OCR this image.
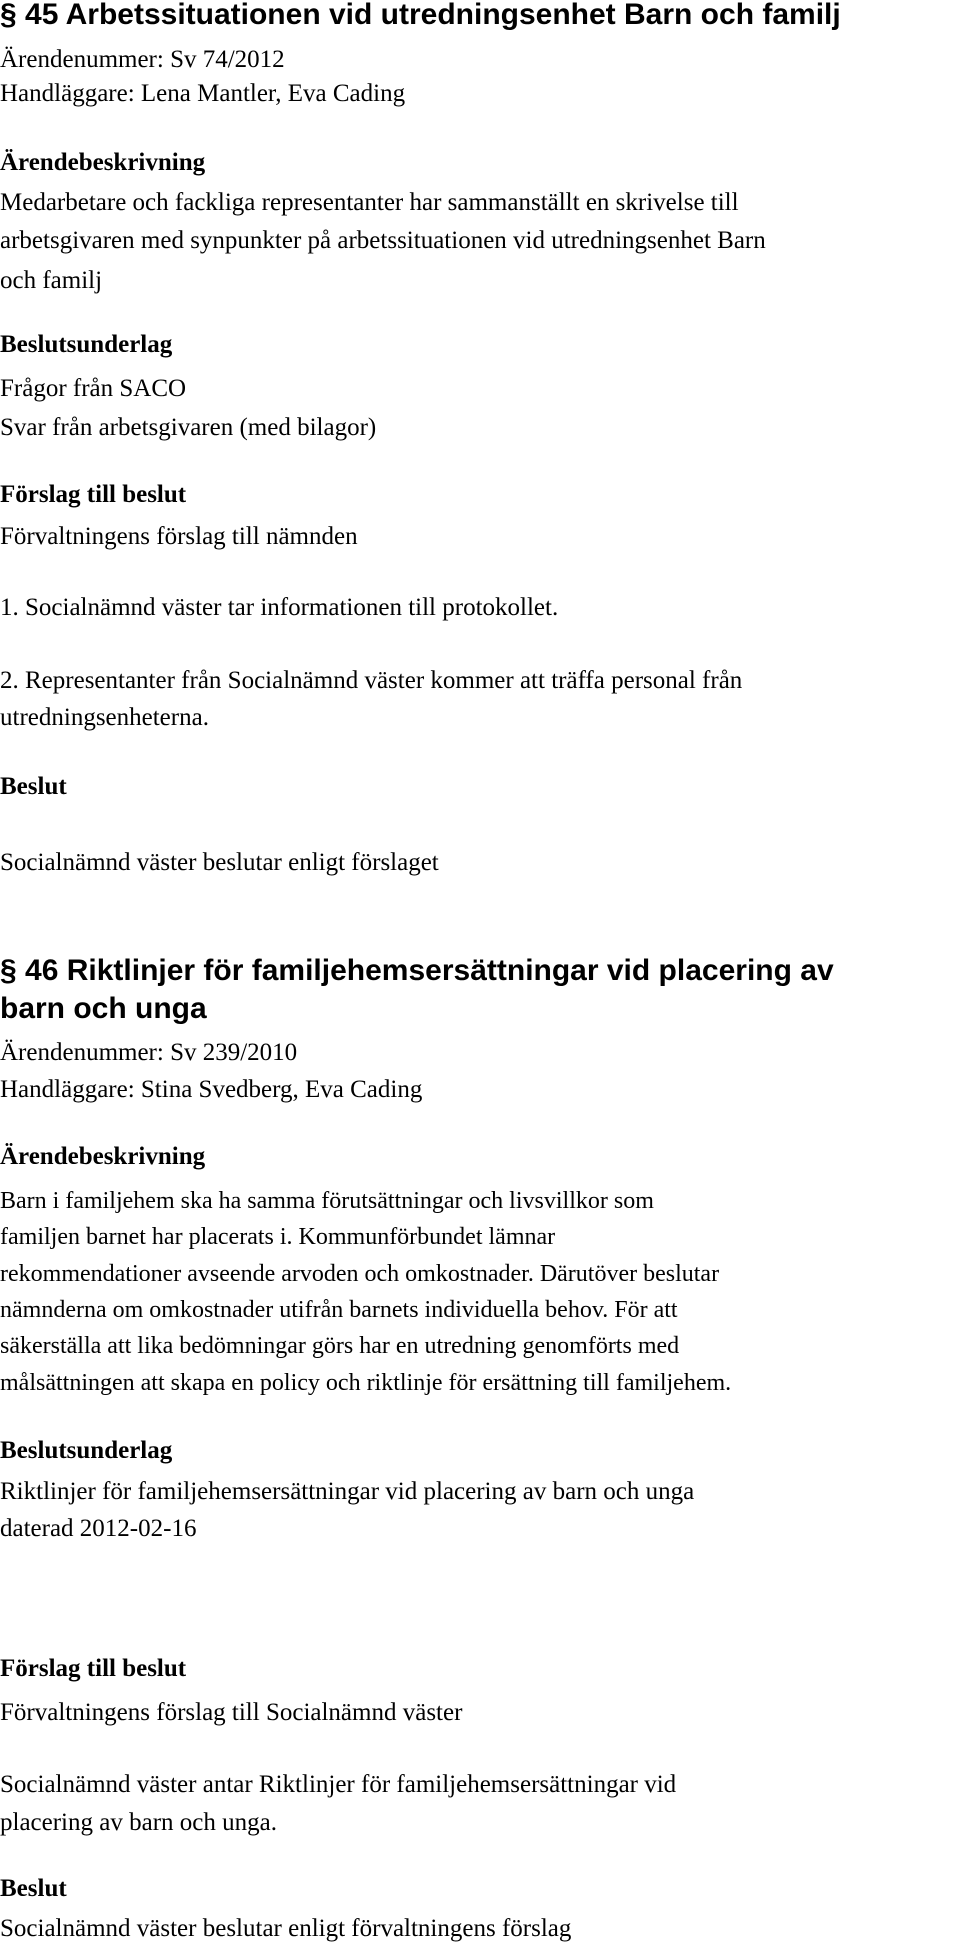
§ 45 Arbetssituationen vid utredningsenhet Barn och familj
Ärendenummer: Sv 74/2012
Handläggare: Lena Mantler, Eva Cading
Ärendebeskrivning
Medarbetare och fackliga representanter har sammanställt en skrivelse till
arbetsgivaren med synpunkter på arbetssituationen vid utredningsenhet Barn
och familj
Beslutsunderlag
Frågor från SACO
Svar från arbetsgivaren (med bilagor)
Förslag till beslut
Förvaltningens förslag till nämnden
1. Socialnämnd väster tar informationen till protokollet.
2. Representanter från Socialnämnd väster kommer att träffa personal från
utredningsenheterna.
Beslut
Socialnämnd väster beslutar enligt förslaget
§ 46 Riktlinjer för familjehemsersättningar vid placering av
barn och unga
Ärendenummer: Sv 239/2010
Handläggare: Stina Svedberg, Eva Cading
Ärendebeskrivning
Barn i familjehem ska ha samma förutsättningar och livsvillkor som
familjen barnet har placerats i. Kommunförbundet lämnar
rekommendationer avseende arvoden och omkostnader. Därutöver beslutar
nämnderna om omkostnader utifrån barnets individuella behov. För att
säkerställa att lika bedömningar görs har en utredning genomförts med
målsättningen att skapa en policy och riktlinje för ersättning till familjehem.
Beslutsunderlag
Riktlinjer för familjehemsersättningar vid placering av barn och unga
daterad 2012-02-16
Förslag till beslut
Förvaltningens förslag till Socialnämnd väster
Socialnämnd väster antar Riktlinjer för familjehemsersättningar vid
placering av barn och unga.
Beslut
Socialnämnd väster beslutar enligt förvaltningens förslag
